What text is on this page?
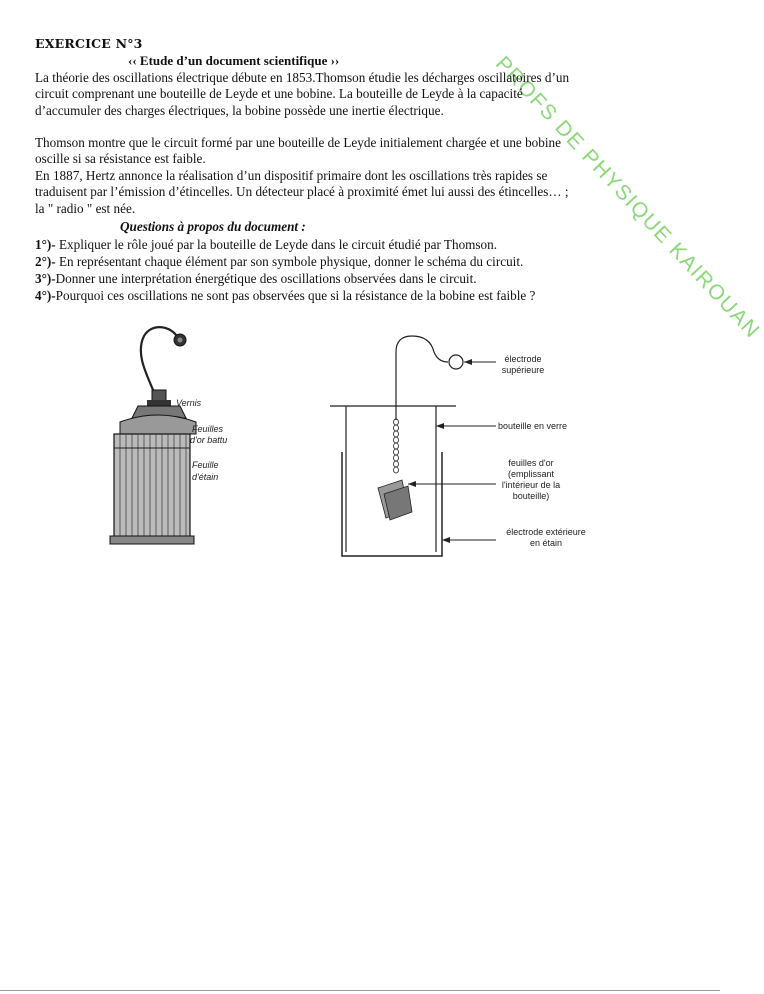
PROFS DE PHYSIQUE KAIROUAN
EXERCICE N°3
‹‹ Etude d’un document scientifique ››

La théorie des oscillations électrique débute en 1853.Thomson étudie les décharges oscillatoires d’un circuit comprenant une bouteille de Leyde et une bobine. La bouteille de Leyde à la capacité d’accumuler des charges électriques, la bobine possède une inertie électrique.

Thomson montre que le circuit formé par une bouteille de Leyde initialement chargée et une bobine oscille si sa résistance est faible.

En 1887, Hertz annonce la réalisation d’un dispositif primaire dont les oscillations très rapides se traduisent par l’émission d’étincelles. Un détecteur placé à proximité émet lui aussi des étincelles… ; la " radio " est née.

Questions à propos du document :
1°)- Expliquer le rôle joué par la bouteille de Leyde dans le circuit étudié par Thomson.
2°)- En représentant chaque élément par son symbole physique, donner le schéma du circuit.
3°)-Donner une interprétation énergétique des oscillations observées dans le circuit.
4°)-Pourquoi ces oscillations ne sont pas observées que si la résistance de la bobine est faible ?
Vernis
Feuilles
d'or battu
Feuille
d'étain
électrode
supérieure
bouteille en verre
feuilles d'or
(emplissant
l'intérieur de la
bouteille)
électrode extérieure
en étain
